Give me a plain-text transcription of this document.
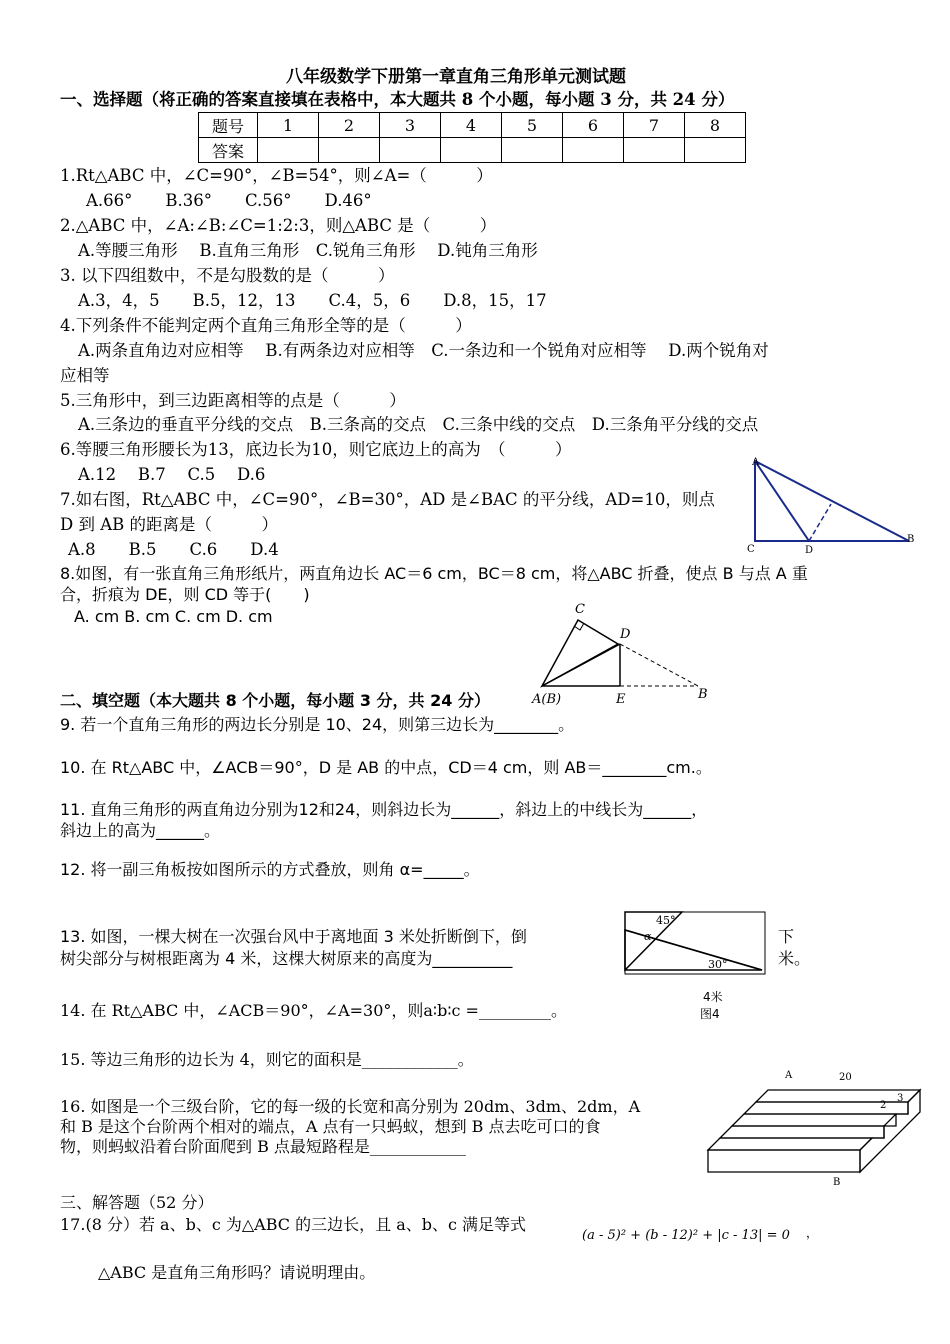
八年级数学下册第一章直角三角形单元测试题
一、选择题（将正确的答案直接填在表格中，本大题共 8 个小题，每小题 3 分，共 24 分）
题号	1	2	3	4	5	6	7	8
答案								
1.Rt△ABC 中，∠C=90°，∠B=54°，则∠A=（　　　）
A.66°　　B.36°　　C.56°　　D.46°
2.△ABC 中，∠A:∠B:∠C=1:2:3，则△ABC 是（　　　）
A.等腰三角形　 B.直角三角形　C.锐角三角形　 D.钝角三角形
3. 以下四组数中，不是勾股数的是（　　　）
A.3，4，5　　B.5，12，13　　C.4，5，6　　D.8，15，17
4.下列条件不能判定两个直角三角形全等的是（　　　）
A.两条直角边对应相等　 B.有两条边对应相等　C.一条边和一个锐角对应相等　 D.两个锐角对
应相等
5.三角形中，到三边距离相等的点是（　　　）
A.三条边的垂直平分线的交点　B.三条高的交点　C.三条中线的交点　D.三条角平分线的交点
6.等腰三角形腰长为13，底边长为10，则它底边上的高为　（　　　）
A.12　 B.7　 C.5　 D.6
7.如右图，Rt△ABC 中，∠C=90°，∠B=30°，AD 是∠BAC 的平分线，AD=10，则点
D 到 AB 的距离是（　　　）
A.8　　B.5　　C.6　　D.4
A
C	D
B
8.如图，有一张直角三角形纸片，两直角边长 AC＝6 cm，BC＝8 cm，将△ABC 折叠，使点 B 与点 A 重
合，折痕为 DE，则 CD 等于(　　)
A. cm B. cm C. cm D. cm	C
D
A(B)	E	B
二、填空题（本大题共 8 个小题，每小题 3 分，共 24 分）
9. 若一个直角三角形的两边长分别是 10、24，则第三边长为________。
10. 在 Rt△ABC 中，∠ACB＝90°，D 是 AB 的中点，CD＝4 cm，则 AB＝________cm.。
11. 直角三角形的两直角边分别为12和24，则斜边长为______，斜边上的中线长为______，
斜边上的高为______。
12. 将一副三角板按如图所示的方式叠放，则角 α=_____。
45°
α
30°
13. 如图，一棵大树在一次强台风中于离地面 3 米处折断倒下，倒
树尖部分与树根距离为 4 米，这棵大树原来的高度为__________
下
米。
4米
图4
14. 在 Rt△ABC 中，∠ACB＝90°，∠A=30°，则a∶b∶c =_________。
15. 等边三角形的边长为 4，则它的面积是____________。
16. 如图是一个三级台阶，它的每一级的长宽和高分别为 20dm、3dm、2dm，A
和 B 是这个台阶两个相对的端点，A 点有一只蚂蚁，想到 B 点去吃可口的食
物，则蚂蚁沿着台阶面爬到 B 点最短路程是____________
A	20
2
3
B
三、解答题（52 分）
17.(8 分）若 a、b、c 为△ABC 的三边长，且 a、b、c 满足等式
(a - 5)² + (b - 12)² + |c - 13| = 0 ，
△ABC 是直角三角形吗？请说明理由。
